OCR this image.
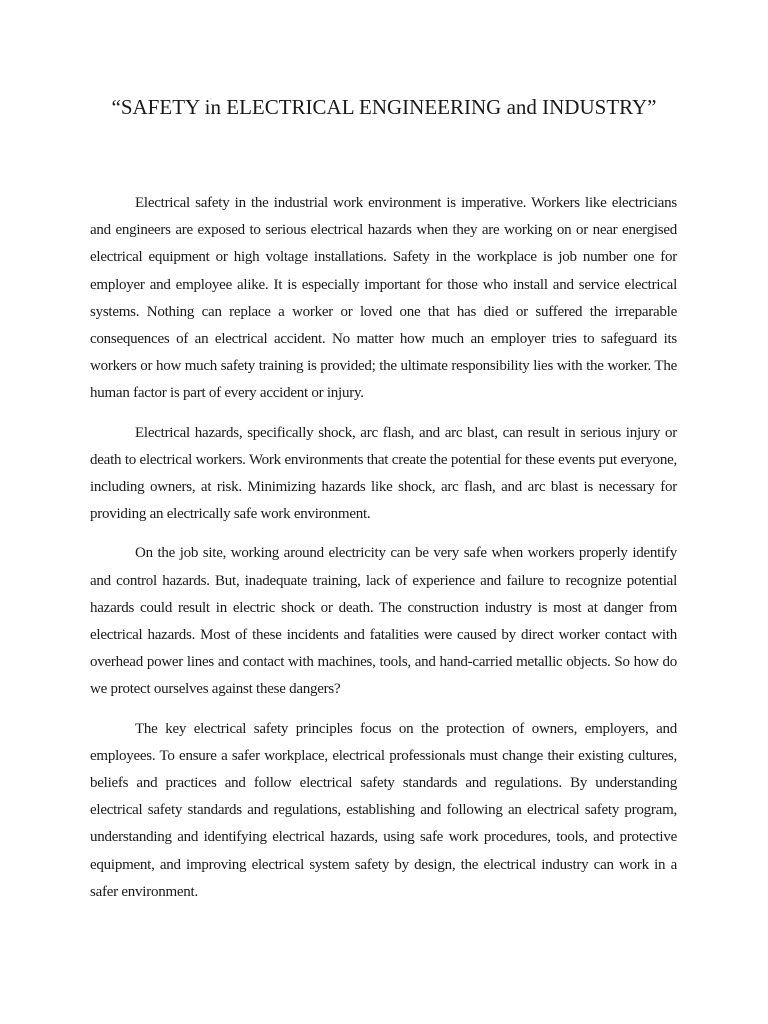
“SAFETY in ELECTRICAL ENGINEERING and INDUSTRY”

Electrical safety in the industrial work environment is imperative. Workers like electricians and engineers are exposed to serious electrical hazards when they are working on or near energised electrical equipment or high voltage installations. Safety in the workplace is job number one for employer and employee alike. It is especially important for those who install and service electrical systems. Nothing can replace a worker or loved one that has died or suffered the irreparable consequences of an electrical accident. No matter how much an employer tries to safeguard its workers or how much safety training is provided; the ultimate responsibility lies with the worker. The human factor is part of every accident or injury.

Electrical hazards, specifically shock, arc flash, and arc blast, can result in serious injury or death to electrical workers. Work environments that create the potential for these events put everyone, including owners, at risk. Minimizing hazards like shock, arc flash, and arc blast is necessary for providing an electrically safe work environment.

On the job site, working around electricity can be very safe when workers properly identify and control hazards. But, inadequate training, lack of experience and failure to recognize potential hazards could result in electric shock or death. The construction industry is most at danger from electrical hazards. Most of these incidents and fatalities were caused by direct worker contact with overhead power lines and contact with machines, tools, and hand-carried metallic objects. So how do we protect ourselves against these dangers?

The key electrical safety principles focus on the protection of owners, employers, and employees. To ensure a safer workplace, electrical professionals must change their existing cultures, beliefs and practices and follow electrical safety standards and regulations. By understanding electrical safety standards and regulations, establishing and following an electrical safety program, understanding and identifying electrical hazards, using safe work procedures, tools, and protective equipment, and improving electrical system safety by design, the electrical industry can work in a safer environment.
